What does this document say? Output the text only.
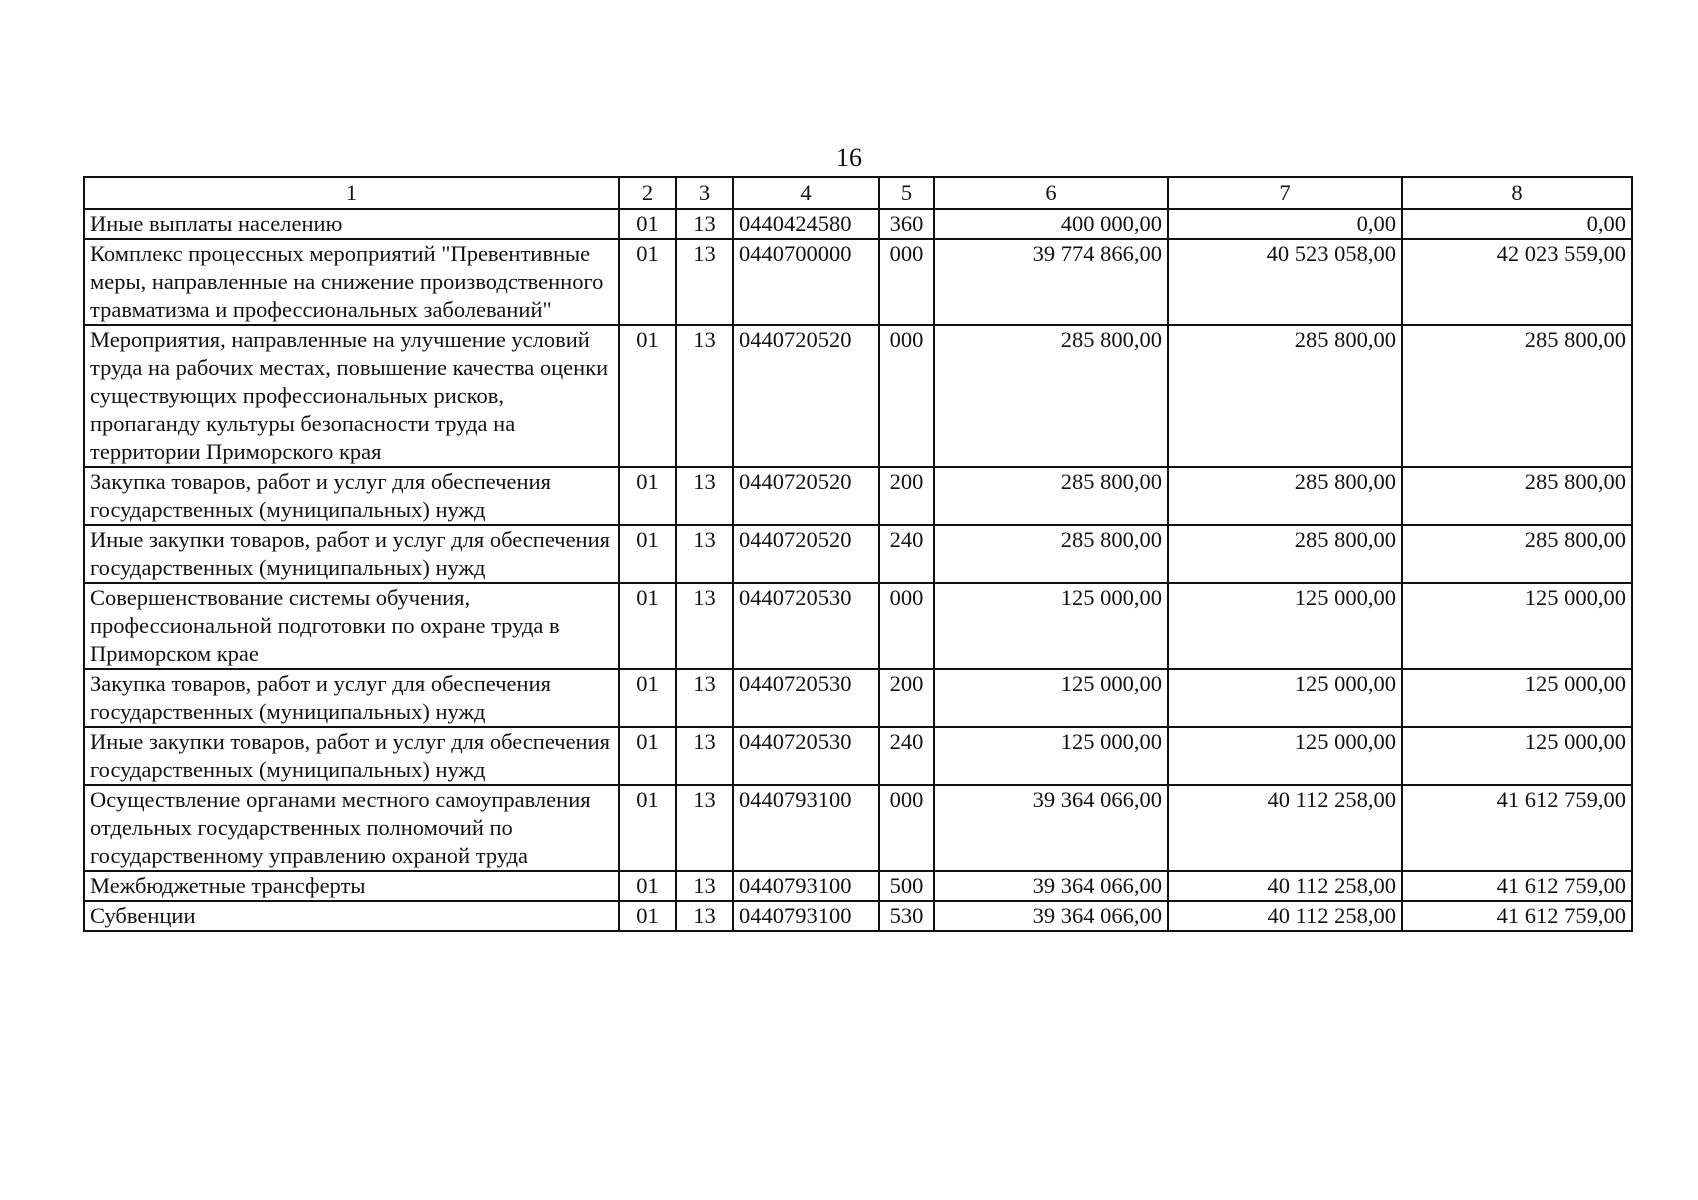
16
1	2	3	4	5	6	7	8
Иные выплаты населению	01	13	0440424580	360	400 000,00	0,00	0,00
Комплекс процессных мероприятий "Превентивные меры, направленные на снижение производственного травматизма и профессиональных заболеваний"	01	13	0440700000	000	39 774 866,00	40 523 058,00	42 023 559,00
Мероприятия, направленные на улучшение условий труда на рабочих местах, повышение качества оценки существующих профессиональных рисков, пропаганду культуры безопасности труда на территории Приморского края	01	13	0440720520	000	285 800,00	285 800,00	285 800,00
Закупка товаров, работ и услуг для обеспечения государственных (муниципальных) нужд	01	13	0440720520	200	285 800,00	285 800,00	285 800,00
Иные закупки товаров, работ и услуг для обеспечения государственных (муниципальных) нужд	01	13	0440720520	240	285 800,00	285 800,00	285 800,00
Совершенствование системы обучения, профессиональной подготовки по охране труда в Приморском крае	01	13	0440720530	000	125 000,00	125 000,00	125 000,00
Закупка товаров, работ и услуг для обеспечения государственных (муниципальных) нужд	01	13	0440720530	200	125 000,00	125 000,00	125 000,00
Иные закупки товаров, работ и услуг для обеспечения государственных (муниципальных) нужд	01	13	0440720530	240	125 000,00	125 000,00	125 000,00
Осуществление органами местного самоуправления отдельных государственных полномочий по государственному управлению охраной труда	01	13	0440793100	000	39 364 066,00	40 112 258,00	41 612 759,00
Межбюджетные трансферты	01	13	0440793100	500	39 364 066,00	40 112 258,00	41 612 759,00
Субвенции	01	13	0440793100	530	39 364 066,00	40 112 258,00	41 612 759,00
